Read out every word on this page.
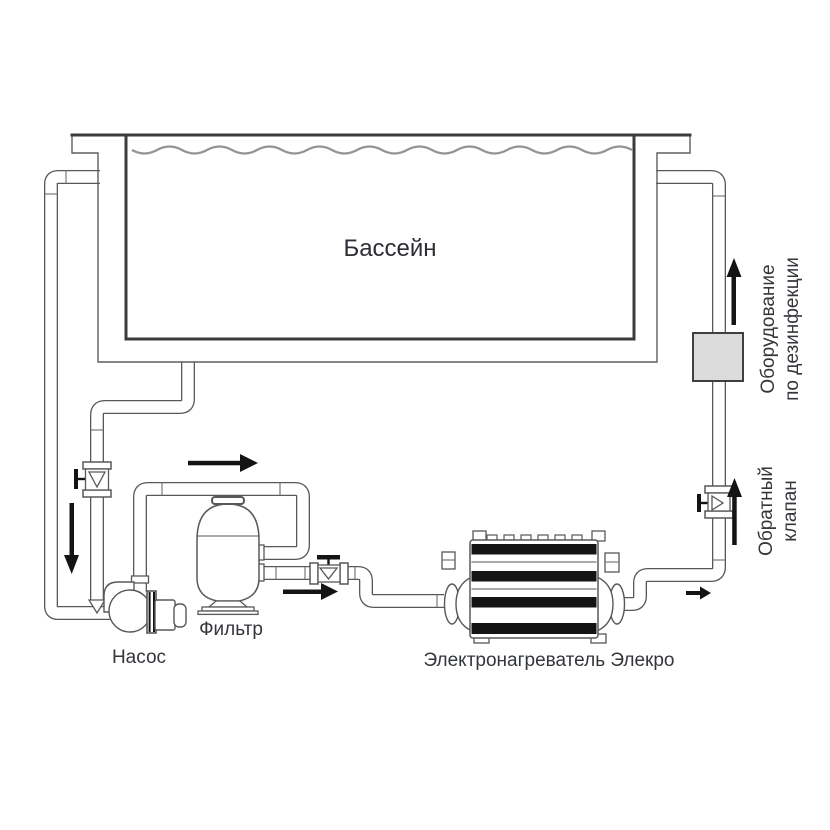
Бассейн
Насос
Фильтр
Электронагреватель Элекро
Обратный клапан
Оборудование по дезинфекции
